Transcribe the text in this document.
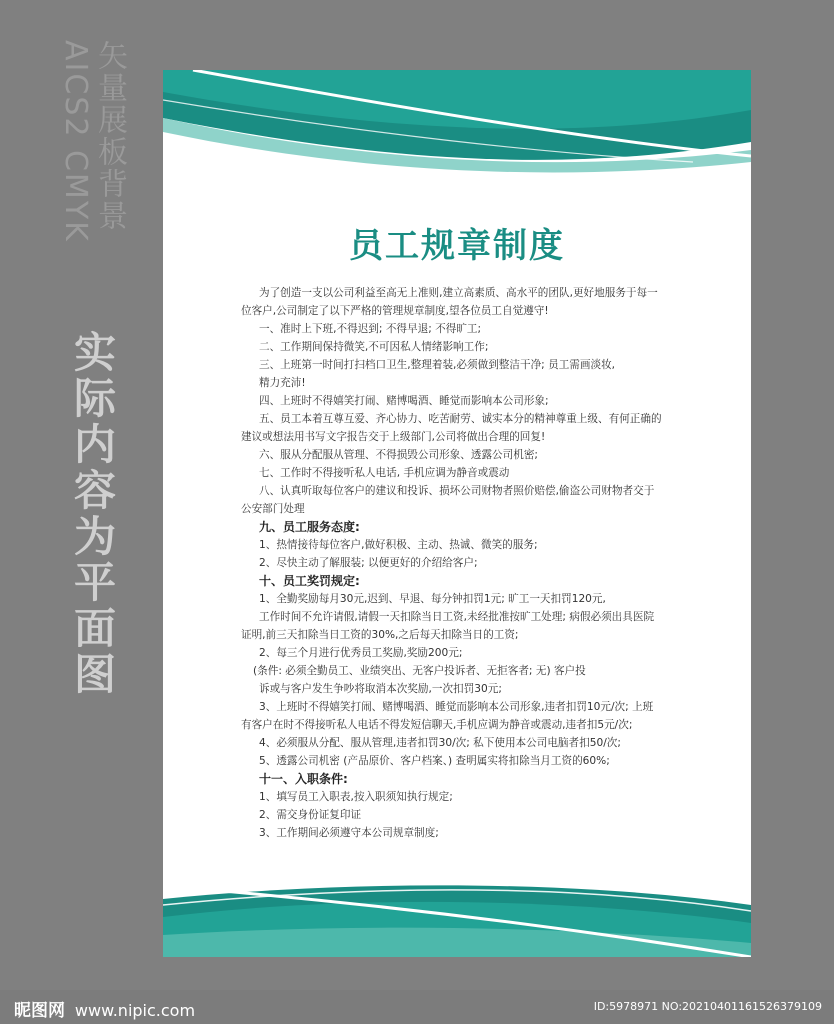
矢量展板背景
AICS2 CMYK
实际内容为平面图
员工规章制度

为了创造一支以公司利益至高无上准则,建立高素质、高水平的团队,更好地服务于每一

位客户,公司制定了以下严格的管理规章制度,望各位员工自觉遵守!

一、准时上下班,不得迟到; 不得早退; 不得旷工;

二、工作期间保持微笑,不可因私人情绪影响工作;

三、上班第一时间打扫档口卫生,整理着装,必须做到整洁干净; 员工需画淡妆,

精力充沛!

四、上班时不得嬉笑打闹、赌博喝酒、睡觉而影响本公司形象;

五、员工本着互尊互爱、齐心协力、吃苦耐劳、诚实本分的精神尊重上级、有何正确的

建议或想法用书写文字报告交于上级部门,公司将做出合理的回复!

六、服从分配服从管理、不得损毁公司形象、透露公司机密;

七、工作时不得接听私人电话, 手机应调为静音或震动

八、认真听取每位客户的建议和投诉、损坏公司财物者照价赔偿,偷盗公司财物者交于

公安部门处理

九、员工服务态度:

1、热情接待每位客户,做好积极、主动、热诚、微笑的服务;

2、尽快主动了解服装; 以便更好的介绍给客户;

十、员工奖罚规定:

1、全勤奖励每月30元,迟到、早退、每分钟扣罚1元; 旷工一天扣罚120元,

工作时间不允许请假,请假一天扣除当日工资,未经批准按旷工处理; 病假必须出具医院

证明,前三天扣除当日工资的30%,之后每天扣除当日的工资;

2、每三个月进行优秀员工奖励,奖励200元;

(条件: 必须全勤员工、业绩突出、无客户投诉者、无拒客者; 无) 客户投

诉或与客户发生争吵将取消本次奖励,一次扣罚30元;

3、上班时不得嬉笑打闹、赌博喝酒、睡觉而影响本公司形象,违者扣罚10元/次; 上班

有客户在时不得接听私人电话不得发短信聊天,手机应调为静音或震动,违者扣5元/次;

4、必须服从分配、服从管理,违者扣罚30/次; 私下使用本公司电脑者扣50/次;

5、透露公司机密 (产品原价、客户档案、) 查明属实将扣除当月工资的60%;

十一、入职条件:

1、填写员工入职表,按入职须知执行规定;

2、需交身份证复印证

3、工作期间必须遵守本公司规章制度;

昵图网 www.nipic.com	ID:5978971 NO:20210401161526379109
